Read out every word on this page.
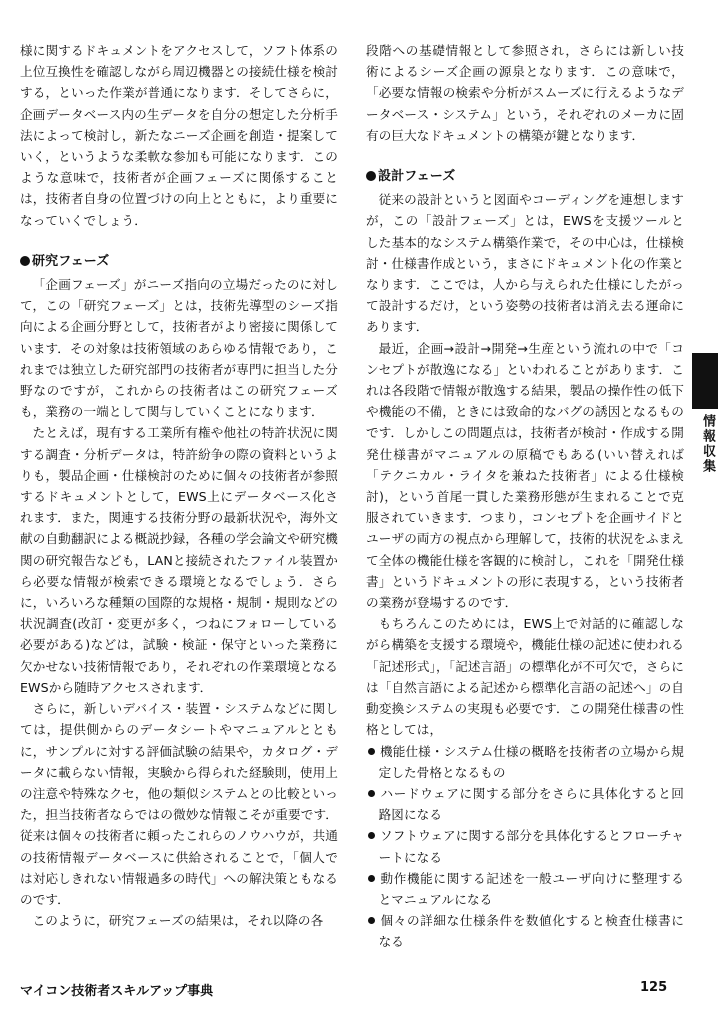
様に関するドキュメントをアクセスして，ソフト体系の上位互換性を確認しながら周辺機器との接続仕様を検討する，といった作業が普通になります．そしてさらに，企画データベース内の生データを自分の想定した分析手法によって検討し，新たなニーズ企画を創造・提案していく，というような柔軟な参加も可能になります．このような意味で，技術者が企画フェーズに関係することは，技術者自身の位置づけの向上とともに，より重要になっていくでしょう．

研究フェーズ

「企画フェーズ」がニーズ指向の立場だったのに対して，この「研究フェーズ」とは，技術先導型のシーズ指向による企画分野として，技術者がより密接に関係しています．その対象は技術領域のあらゆる情報であり，これまでは独立した研究部門の技術者が専門に担当した分野なのですが，これからの技術者はこの研究フェーズも，業務の一端として関与していくことになります．

たとえば，現有する工業所有権や他社の特許状況に関する調査・分析データは，特許紛争の際の資料というよりも，製品企画・仕様検討のために個々の技術者が参照するドキュメントとして，EWS上にデータベース化されます．また，関連する技術分野の最新状況や，海外文献の自動翻訳による概説抄録，各種の学会論文や研究機関の研究報告なども，LANと接続されたファイル装置から必要な情報が検索できる環境となるでしょう．さらに，いろいろな種類の国際的な規格・規制・規則などの状況調査(改訂・変更が多く，つねにフォローしている必要がある)などは，試験・検証・保守といった業務に欠かせない技術情報であり，それぞれの作業環境となるEWSから随時アクセスされます．

さらに，新しいデバイス・装置・システムなどに関しては，提供側からのデータシートやマニュアルとともに，サンプルに対する評価試験の結果や，カタログ・データに載らない情報，実験から得られた経験則，使用上の注意や特殊なクセ，他の類似システムとの比較といった，担当技術者ならではの微妙な情報こそが重要です．従来は個々の技術者に頼ったこれらのノウハウが，共通の技術情報データベースに供給されることで，「個人では対応しきれない情報過多の時代」への解決策ともなるのです．

このように，研究フェーズの結果は，それ以降の各

段階への基礎情報として参照され，さらには新しい技術によるシーズ企画の源泉となります．この意味で，「必要な情報の検索や分析がスムーズに行えるようなデータベース・システム」という，それぞれのメーカに固有の巨大なドキュメントの構築が鍵となります．

設計フェーズ

従来の設計というと図面やコーディングを連想しますが，この「設計フェーズ」とは，EWSを支援ツールとした基本的なシステム構築作業で，その中心は，仕様検討・仕様書作成という，まさにドキュメント化の作業となります．ここでは，人から与えられた仕様にしたがって設計するだけ，という姿勢の技術者は消え去る運命にあります．

最近，企画→設計→開発→生産という流れの中で「コンセプトが散逸になる」といわれることがあります．これは各段階で情報が散逸する結果，製品の操作性の低下や機能の不備，ときには致命的なバグの誘因となるものです．しかしこの問題点は，技術者が検討・作成する開発仕様書がマニュアルの原稿でもある(いい替えれば「テクニカル・ライタを兼ねた技術者」による仕様検討)，という首尾一貫した業務形態が生まれることで克服されていきます．つまり，コンセプトを企画サイドとユーザの両方の視点から理解して，技術的状況をふまえて全体の機能仕様を客観的に検討し，これを「開発仕様書」というドキュメントの形に表現する，という技術者の業務が登場するのです．

もちろんこのためには，EWS上で対話的に確認しながら構築を支援する環境や，機能仕様の記述に使われる「記述形式」，「記述言語」の標準化が不可欠で，さらには「自然言語による記述から標準化言語の記述へ」の自動変換システムの実現も必要です．この開発仕様書の性格としては，

機能仕様・システム仕様の概略を技術者の立場から規定した骨格となるもの

ハードウェアに関する部分をさらに具体化すると回路図になる

ソフトウェアに関する部分を具体化するとフローチャートになる

動作機能に関する記述を一般ユーザ向けに整理するとマニュアルになる

個々の詳細な仕様条件を数値化すると検査仕様書になる

情報収集
マイコン技術者スキルアップ事典	125
